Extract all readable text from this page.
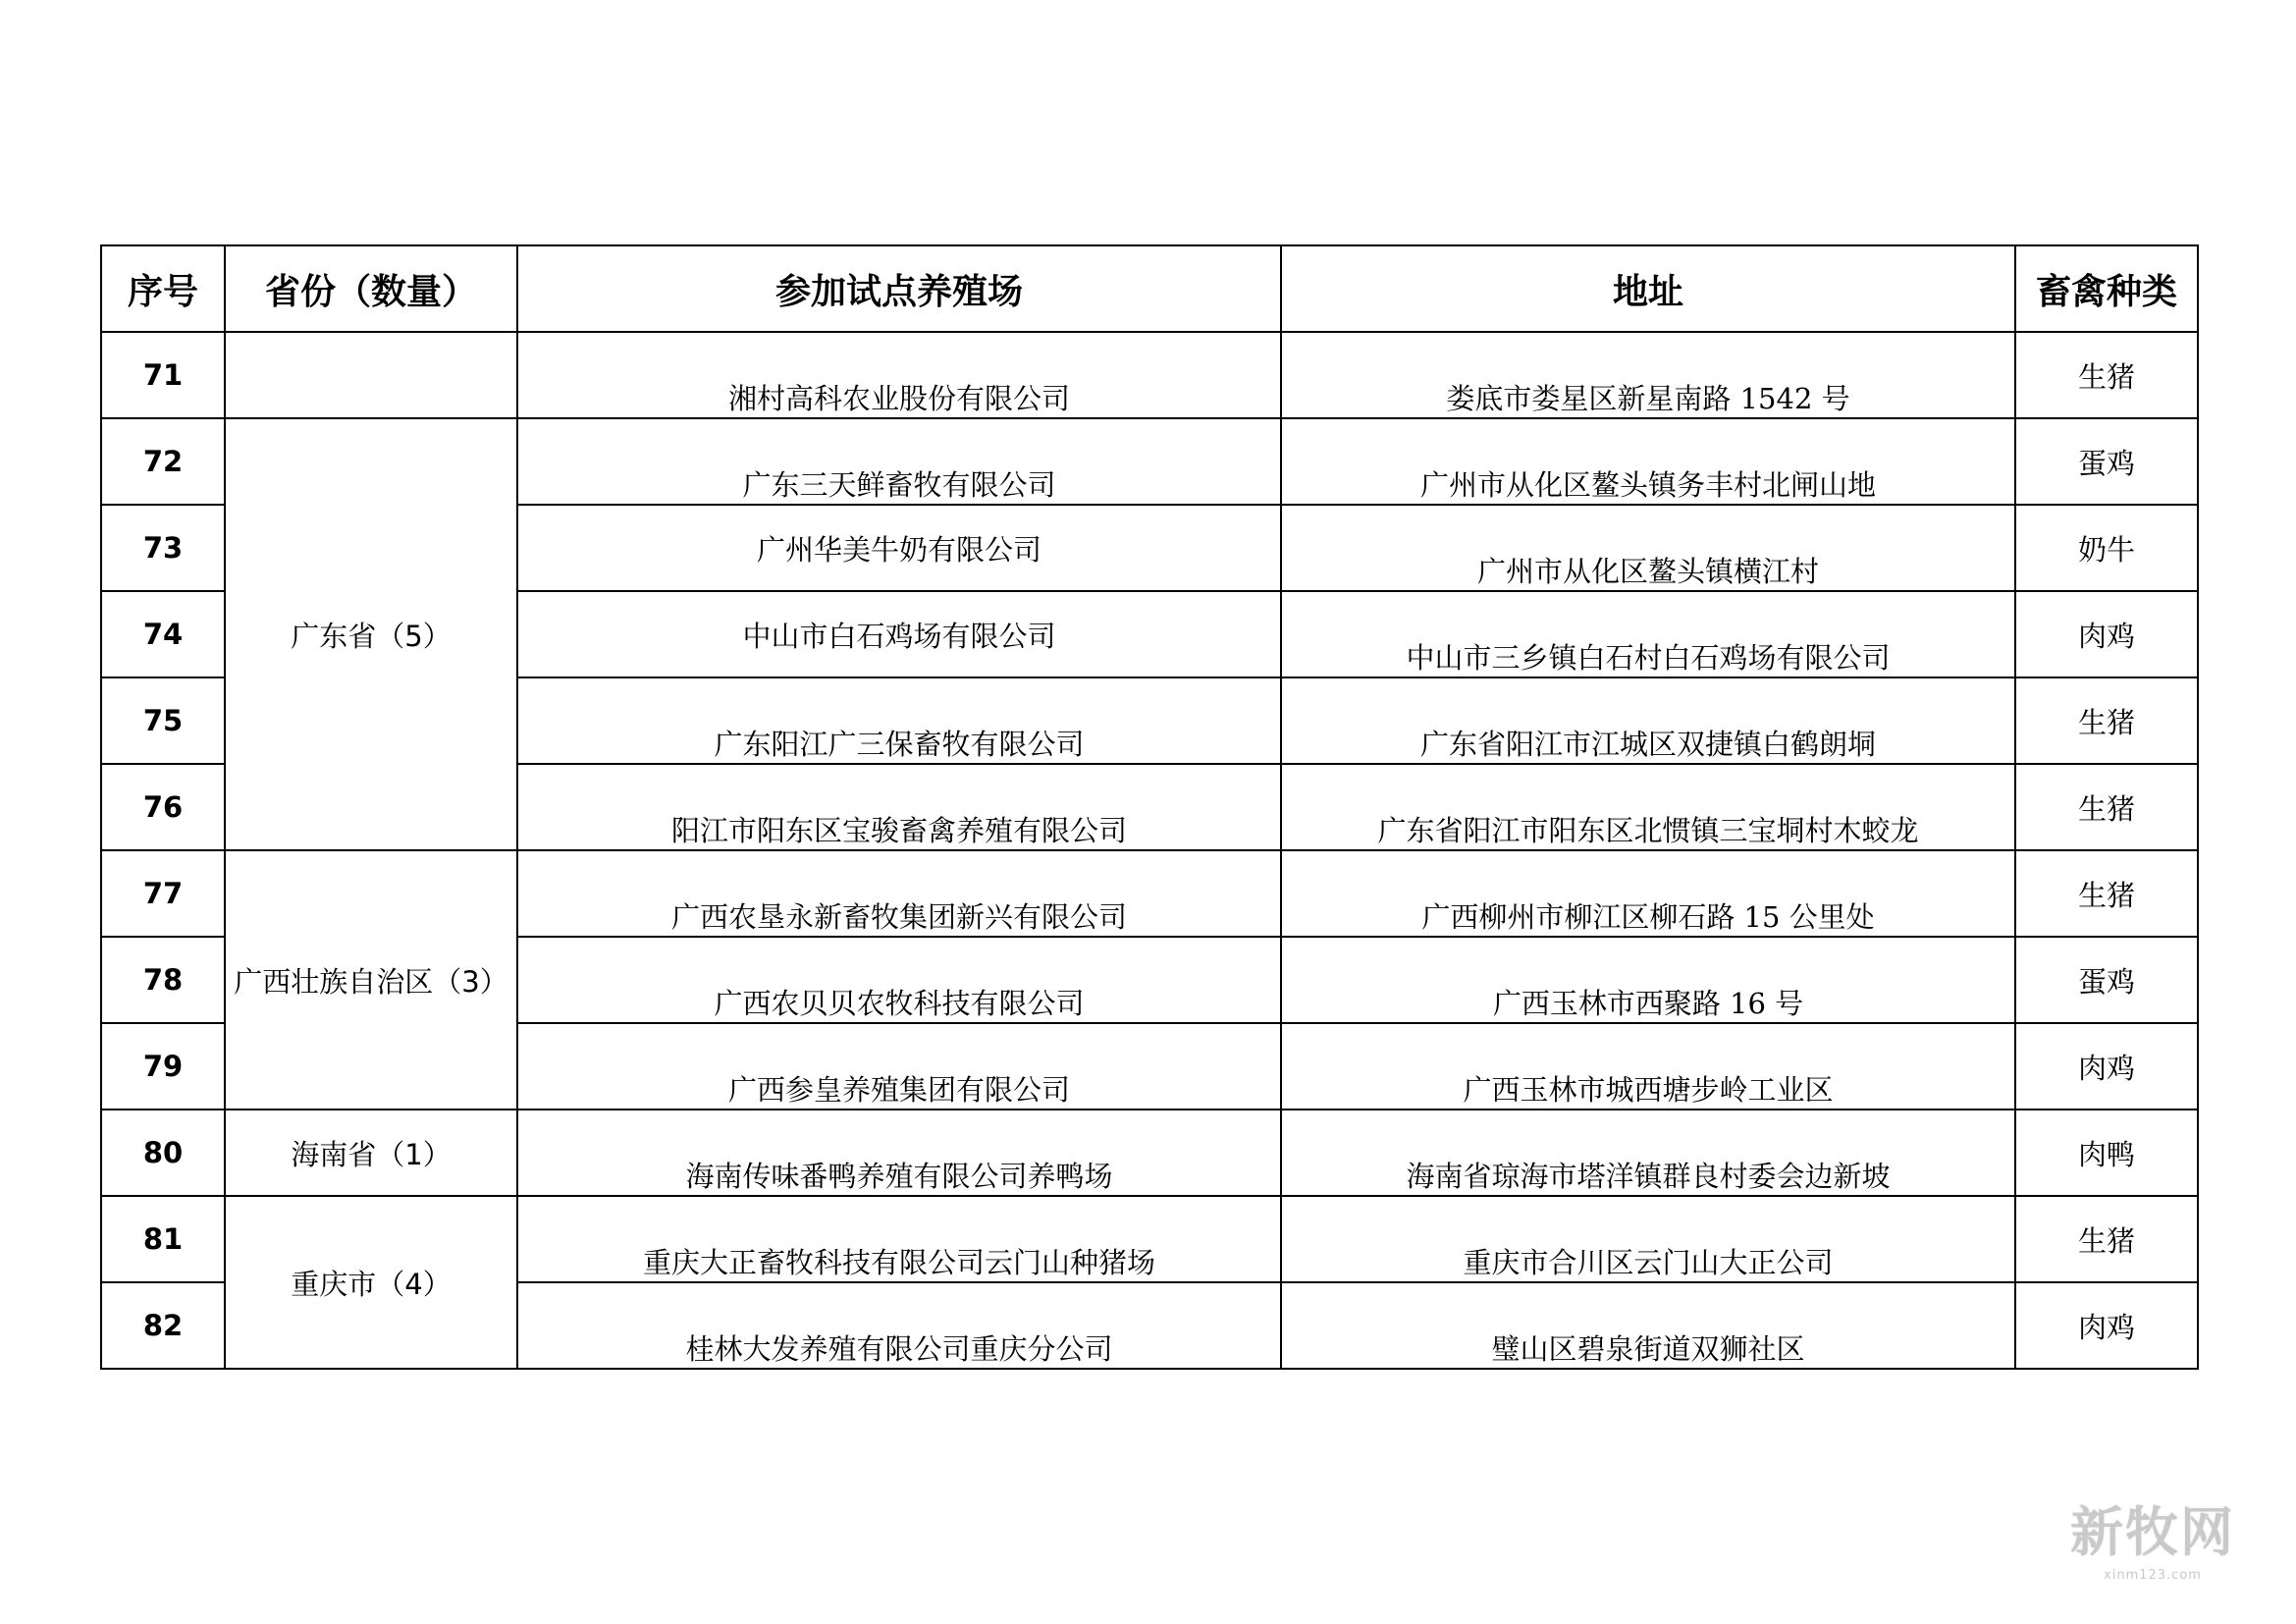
序号	省份（数量）	参加试点养殖场	地址	畜禽种类
71		湘村高科农业股份有限公司	娄底市娄星区新星南路 1542 号	生猪
72	广东省（5）	广东三天鲜畜牧有限公司	广州市从化区鳌头镇务丰村北闸山地	蛋鸡
73		广州华美牛奶有限公司	广州市从化区鳌头镇横江村	奶牛
74		中山市白石鸡场有限公司	中山市三乡镇白石村白石鸡场有限公司	肉鸡
75		广东阳江广三保畜牧有限公司	广东省阳江市江城区双捷镇白鹤朗垌	生猪
76		阳江市阳东区宝骏畜禽养殖有限公司	广东省阳江市阳东区北惯镇三宝垌村木蛟龙	生猪
77	广西壮族自治区（3）	广西农垦永新畜牧集团新兴有限公司	广西柳州市柳江区柳石路 15 公里处	生猪
78		广西农贝贝农牧科技有限公司	广西玉林市西聚路 16 号	蛋鸡
79		广西参皇养殖集团有限公司	广西玉林市城西塘步岭工业区	肉鸡
80	海南省（1）	海南传味番鸭养殖有限公司养鸭场	海南省琼海市塔洋镇群良村委会边新坡	肉鸭
81	重庆市（4）	重庆大正畜牧科技有限公司云门山种猪场	重庆市合川区云门山大正公司	生猪
82		桂林大发养殖有限公司重庆分公司	璧山区碧泉街道双狮社区	肉鸡
新牧网
xinm123.com
